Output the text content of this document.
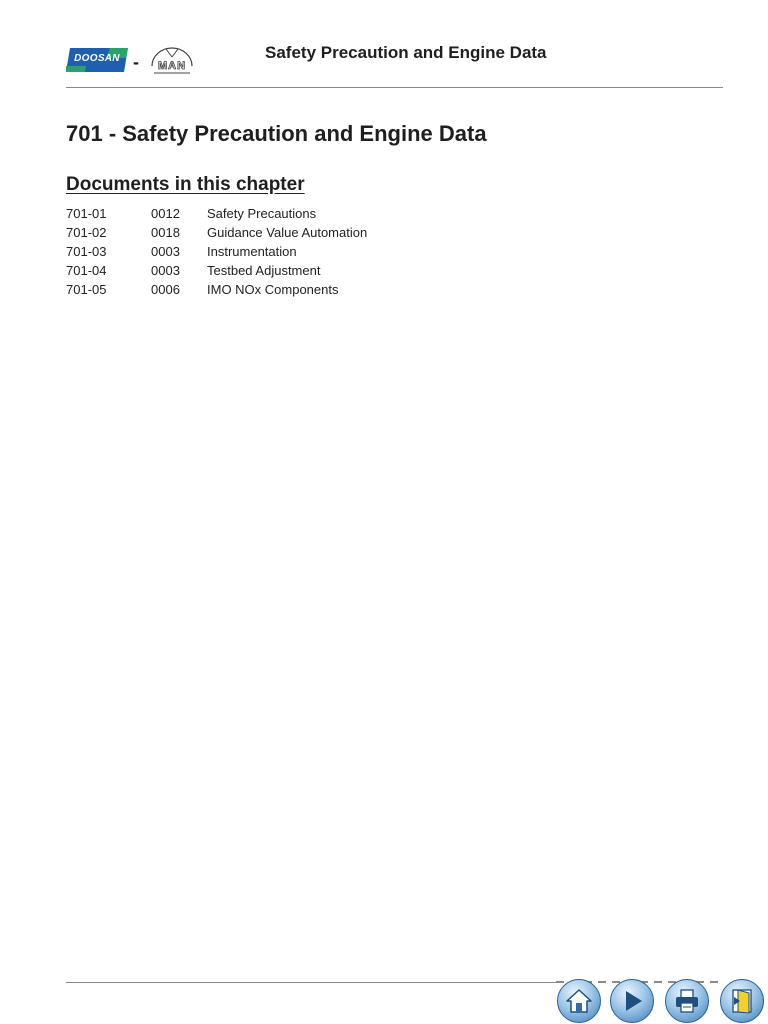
DOOSAN -	MAN
Safety Precaution and Engine Data
701 - Safety Precaution and Engine Data
Documents in this chapter
701-01	0012 Safety Precautions
701-02	0018 Guidance Value Automation
701-03	0003 Instrumentation
701-04	0003 Testbed Adjustment
701-05	0006 IMO NOx Components
